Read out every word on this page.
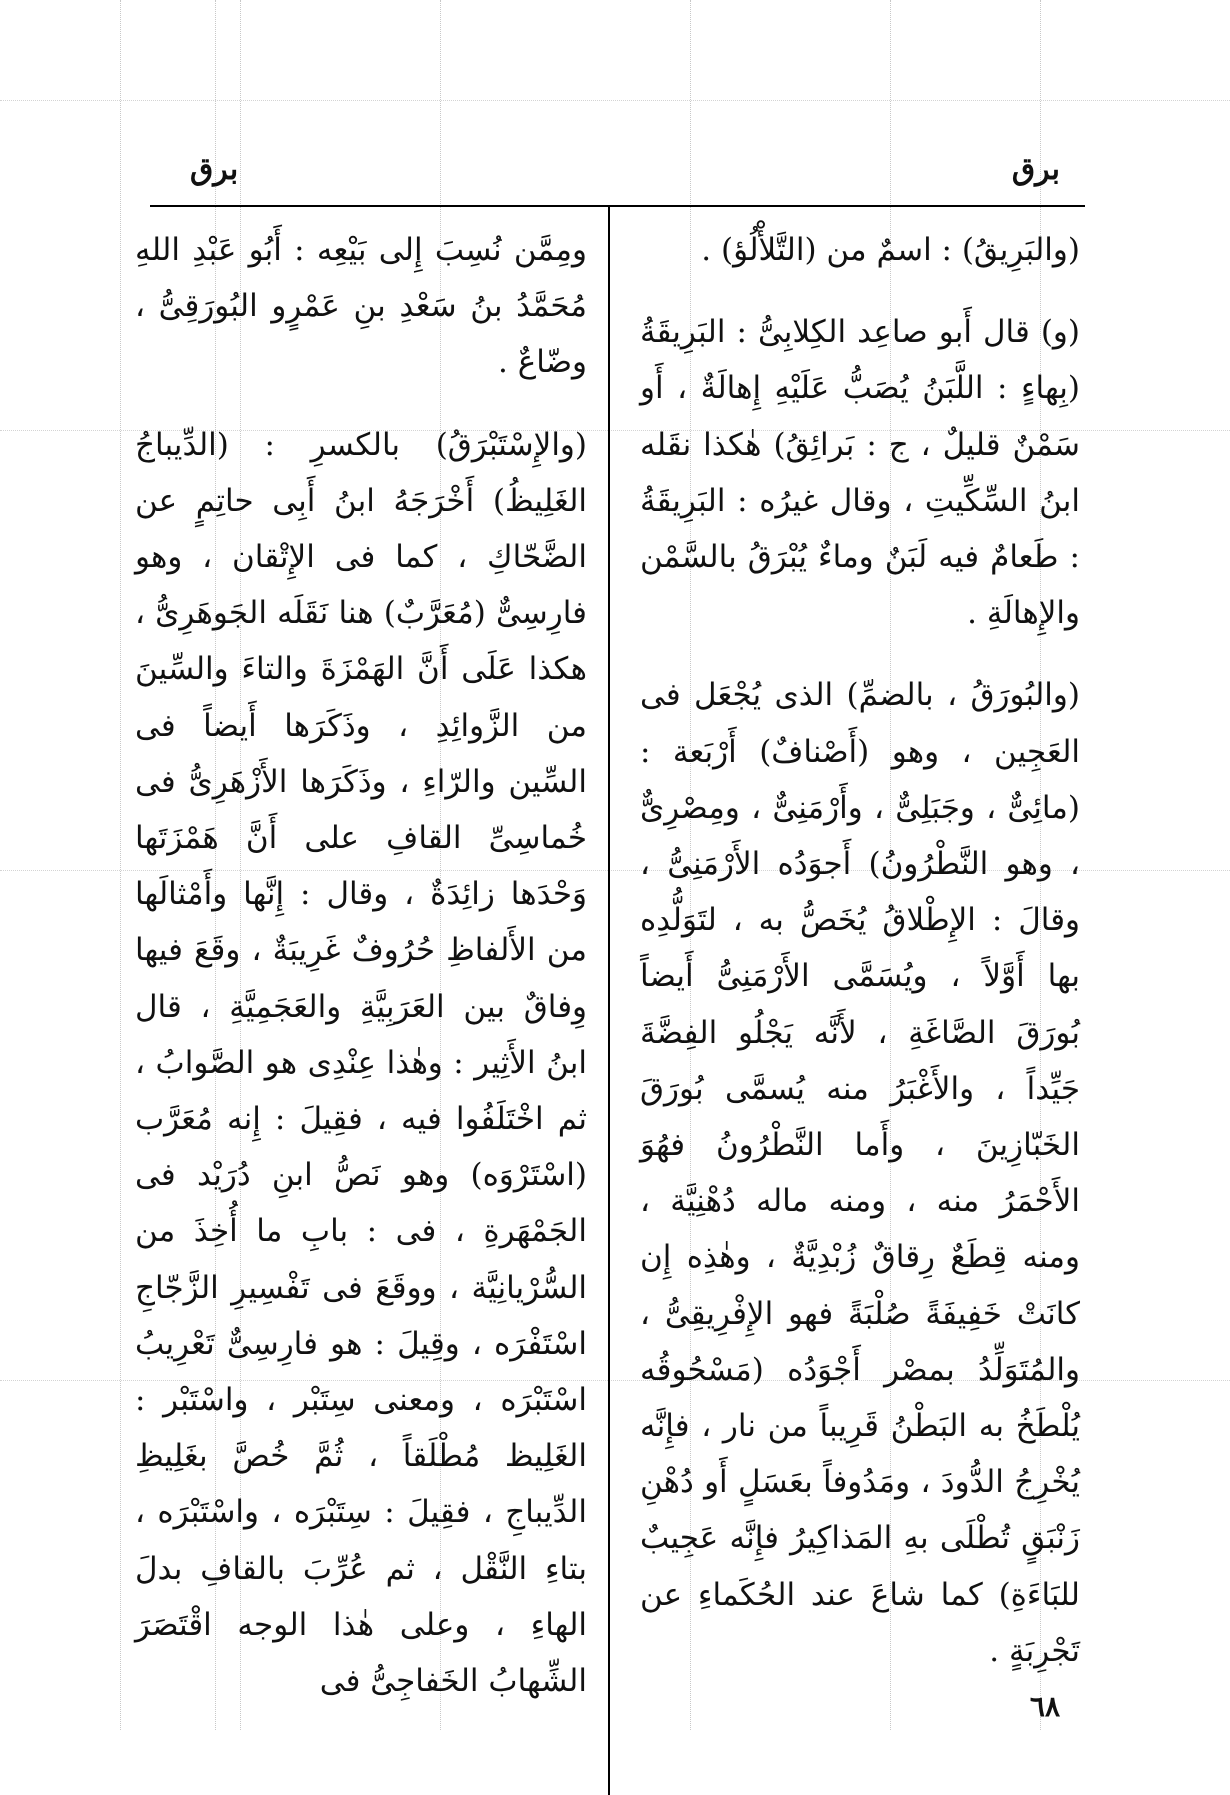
برق
برق

(والبَرِيقُ) : اسمٌ من (التَّلأْلُؤ) .

(و) قال أَبو صاعِد الكِلابِىُّ : البَرِيقَةُ (بِهاءٍ : اللَّبَنُ يُصَبُّ عَلَيْهِ إِهالَةٌ ، أَو سَمْنٌ قليلٌ ، ج : بَرائِقُ) هٰكذا نقَله ابنُ السِّكِّيتِ ، وقال غيرُه : البَرِيقَةُ : طَعامٌ فيه لَبَنٌ وماءٌ يُبْرَقُ بالسَّمْن والإِهالَةِ .

(والبُورَقُ ، بالضمِّ) الذى يُجْعَل فى العَجِين ، وهو (أَصْنافٌ) أَرْبَعة : (مائِىٌّ ، وجَبَلِىٌّ ، وأَرْمَنِىٌّ ، ومِصْرِىٌّ ، وهو النَّطْرُونُ) أَجوَدُه الأَرْمَنِىُّ ، وقالَ : الإِطْلاقُ يُخَصُّ به ، لتَوَلُّدِه بها أَوَّلاً ، ويُسَمَّى الأَرْمَنِىُّ أَيضاً بُورَقَ الصَّاغَةِ ، لأَنَّه يَجْلُو الفِضَّةَ جَيِّداً ، والأَغْبَرُ منه يُسمَّى بُورَقَ الخَبّازِينَ ، وأَما النَّطْرُونُ فهُوَ الأَحْمَرُ منه ، ومنه ماله دُهْنِيَّة ، ومنه قِطَعٌ رِقاقٌ زُبْدِيَّةٌ ، وهٰذِه إِن كانَتْ خَفِيفَةً صُلْبَةً فهو الإِفْرِيقِىُّ ، والمُتَوَلِّدُ بمصْر أَجْوَدُه (مَسْحُوقُه يُلْطَخُ به البَطْنُ قَرِيباً من نار ، فإِنَّه يُخْرِجُ الدُّودَ ، ومَدُوفاً بعَسَلٍ أَو دُهْنِ زَنْبَقٍ تُطْلَى بهِ المَذاكِيرُ فإِنَّه عَجِيبٌ للبَاءَةِ) كما شاعَ عند الحُكَماءِ عن تَجْرِبَةٍ .

ومِمَّن نُسِبَ إِلى بَيْعِه : أَبُو عَبْدِ اللهِ مُحَمَّدُ بنُ سَعْدِ بنِ عَمْرٍو البُورَقِىُّ ، وضّاعٌ .

(والإِسْتَبْرَقُ) بالكسرِ : (الدِّيباجُ الغَلِيظُ) أَخْرَجَهُ ابنُ أَبِى حاتِمٍ عن الضَّحّاكِ ، كما فى الإِتْقان ، وهو فارِسِىٌّ (مُعَرَّبٌ) هنا نَقَلَه الجَوهَرِىُّ ، هكذا عَلَى أَنَّ الهَمْزَةَ والتاءَ والسِّينَ من الزَّوائِدِ ، وذَكَرَها أَيضاً فى السِّين والرّاءِ ، وذَكَرَها الأَزْهَرِىُّ فى خُماسِىِّ القافِ على أَنَّ هَمْزَتَها وَحْدَها زائِدَةٌ ، وقال : إِنَّها وأَمْثالَها من الأَلفاظِ حُرُوفٌ غَرِيبَةٌ ، وقَعَ فيها وِفاقٌ بين العَرَبِيَّةِ والعَجَمِيَّةِ ، قال ابنُ الأَثِير : وهٰذا عِنْدِى هو الصَّوابُ ، ثم اخْتَلَفُوا فيه ، فقِيلَ : إِنه مُعَرَّب (اسْتَرْوَه) وهو نَصُّ ابنِ دُرَيْد فى الجَمْهَرةِ ، فى : بابِ ما أُخِذَ من السُّرْيانِيَّة ، ووقَعَ فى تَفْسِيرِ الزَّجّاجِ اسْتَفْرَه ، وقِيلَ : هو فارِسِىٌّ تَعْرِيبُ اسْتَبْرَه ، ومعنى سِتَبْر ، واسْتَبْر : الغَلِيظ مُطْلَقاً ، ثُمَّ خُصَّ بغَلِيظِ الدِّيباجِ ، فقِيلَ : سِتَبْرَه ، واسْتَبْرَه ، بتاءِ النَّقْل ، ثم عُرِّبَ بالقافِ بدلَ الهاءِ ، وعلى هٰذا الوجه اقْتَصَرَ الشِّهابُ الخَفاجِىُّ فى

٦٨
